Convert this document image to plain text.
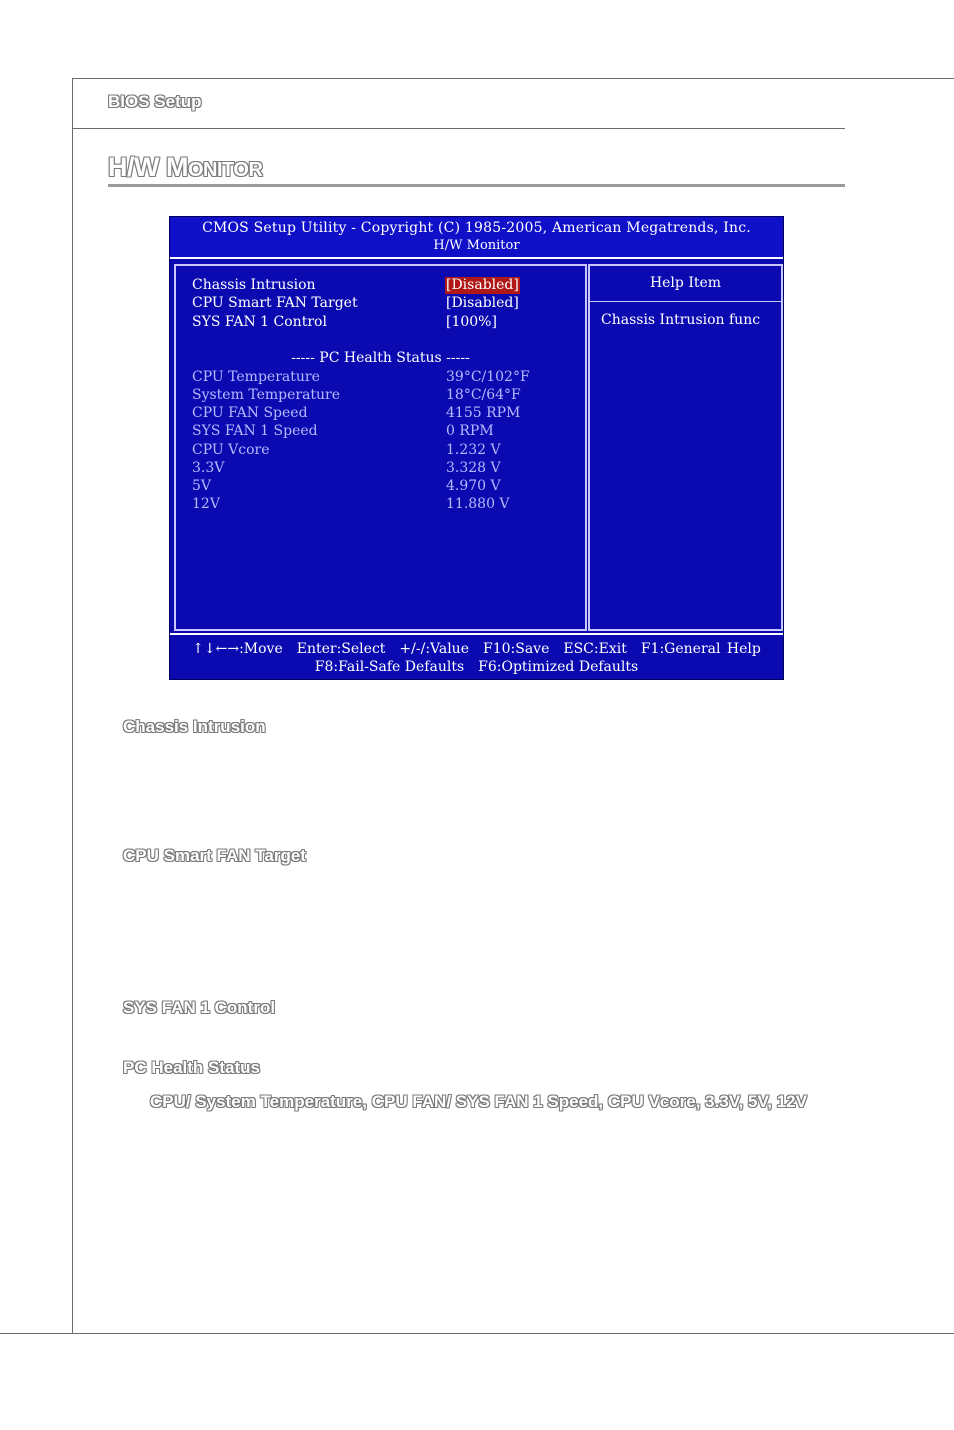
BIOS Setup
H/W MONITOR
CMOS Setup Utility - Copyright (C) 1985-2005, American Megatrends, Inc.
H/W Monitor
Chassis Intrusion	[Disabled]
CPU Smart FAN Target	[Disabled]
SYS FAN 1 Control	[100%]
----- PC Health Status -----
CPU Temperature	39°C/102°F
System Temperature	18°C/64°F
CPU FAN Speed	4155 RPM
SYS FAN 1 Speed	0 RPM
CPU Vcore	1.232 V
3.3V	3.328 V
5V	4.970 V
12V	11.880 V
Help Item
Chassis Intrusion func
↑↓←→:Move Enter:Select +/-/:Value F10:Save ESC:Exit F1:General Help
F8:Fail-Safe Defaults F6:Optimized Defaults
Chassis Intrusion
CPU Smart FAN Target
SYS FAN 1 Control
PC Health Status
CPU/ System Temperature, CPU FAN/ SYS FAN 1 Speed, CPU Vcore, 3.3V, 5V, 12V
